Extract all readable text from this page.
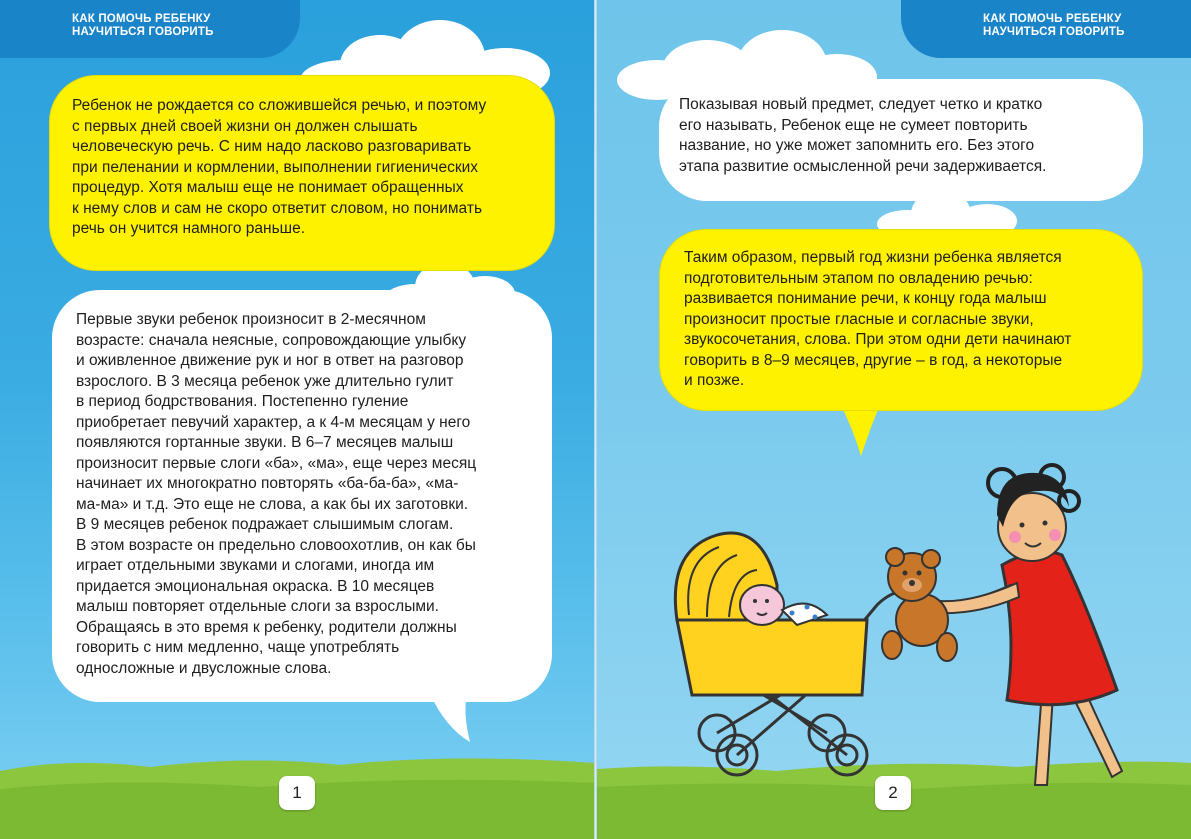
КАК ПОМОЧЬ РЕБЕНКУ
НАУЧИТЬСЯ ГОВОРИТЬ
Ребенок не рождается со сложившейся речью, и поэтому
с первых дней своей жизни он должен слышать
человеческую речь. С ним надо ласково разговаривать
при пеленании и кормлении, выполнении гигиенических
процедур. Хотя малыш еще не понимает обращенных
к нему слов и сам не скоро ответит словом, но понимать
речь он учится намного раньше.
Первые звуки ребенок произносит в 2-месячном
возрасте: сначала неясные, сопровождающие улыбку
и оживленное движение рук и ног в ответ на разговор
взрослого. В 3 месяца ребенок уже длительно гулит
в период бодрствования. Постепенно гуление
приобретает певучий характер, а к 4-м месяцам у него
появляются гортанные звуки. В 6–7 месяцев малыш
произносит первые слоги «ба», «ма», еще через месяц
начинает их многократно повторять «ба-ба-ба», «ма-
ма-ма» и т.д. Это еще не слова, а как бы их заготовки.
В 9 месяцев ребенок подражает слышимым слогам.
В этом возрасте он предельно словоохотлив, он как бы
играет отдельными звуками и слогами, иногда им
придается эмоциональная окраска. В 10 месяцев
малыш повторяет отдельные слоги за взрослыми.
Обращаясь в это время к ребенку, родители должны
говорить с ним медленно, чаще употреблять
односложные и двусложные слова.
1
КАК ПОМОЧЬ РЕБЕНКУ
НАУЧИТЬСЯ ГОВОРИТЬ
Показывая новый предмет, следует четко и кратко
его называть, Ребенок еще не сумеет повторить
название, но уже может запомнить его. Без этого
этапа развитие осмысленной речи задерживается.
Таким образом, первый год жизни ребенка является
подготовительным этапом по овладению речью:
развивается понимание речи, к концу года малыш
произносит простые гласные и согласные звуки,
звукосочетания, слова. При этом одни дети начинают
говорить в 8–9 месяцев, другие – в год, а некоторые
и позже.
2
